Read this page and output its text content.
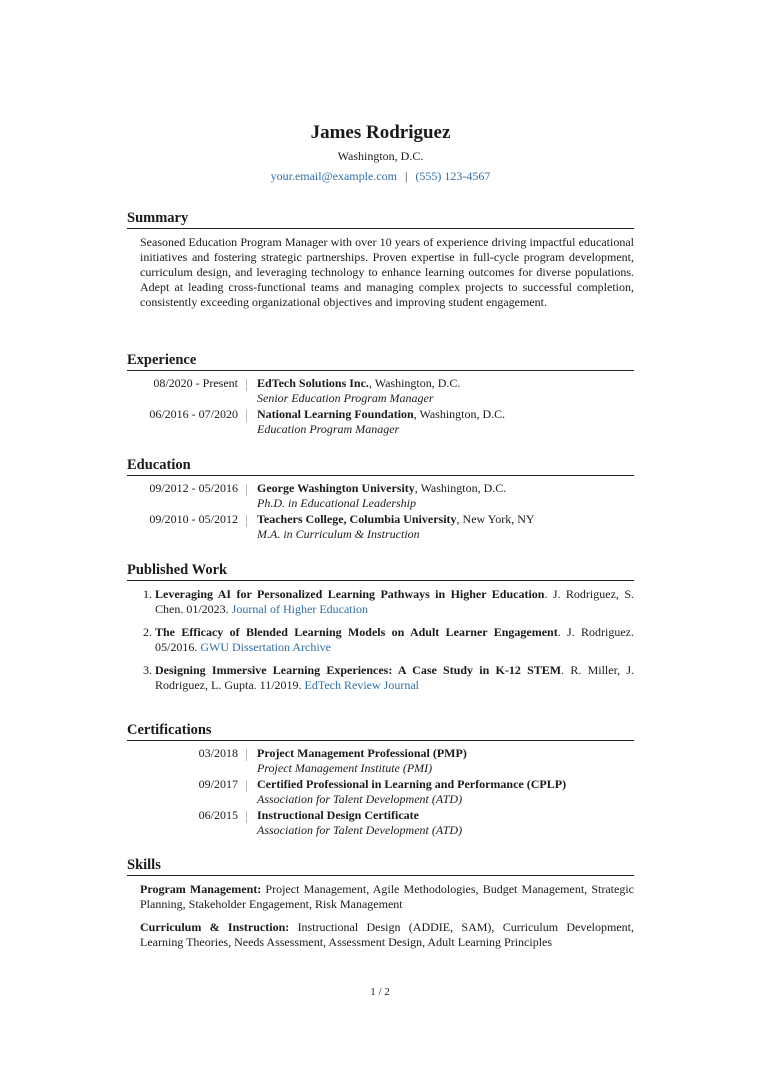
James Rodriguez
Washington, D.C.
your.email@example.com | (555) 123-4567
Summary
Seasoned Education Program Manager with over 10 years of experience driving impactful educational initiatives and fostering strategic partnerships. Proven expertise in full-cycle program development, curriculum design, and leveraging technology to enhance learning outcomes for diverse populations. Adept at leading cross-functional teams and managing complex projects to successful completion, consistently exceeding organizational objectives and improving student engagement.
Experience
08/2020 - Present	EdTech Solutions Inc., Washington, D.C.
Senior Education Program Manager
06/2016 - 07/2020	National Learning Foundation, Washington, D.C.
Education Program Manager
Education
09/2012 - 05/2016	George Washington University, Washington, D.C.
Ph.D. in Educational Leadership
09/2010 - 05/2012	Teachers College, Columbia University, New York, NY
M.A. in Curriculum & Instruction
Published Work
1. Leveraging AI for Personalized Learning Pathways in Higher Education. J. Rodriguez, S. Chen. 01/2023. Journal of Higher Education
2. The Efficacy of Blended Learning Models on Adult Learner Engagement. J. Rodriguez. 05/2016. GWU Dissertation Archive
3. Designing Immersive Learning Experiences: A Case Study in K-12 STEM. R. Miller, J. Rodriguez, L. Gupta. 11/2019. EdTech Review Journal
Certifications
03/2018	Project Management Professional (PMP)
Project Management Institute (PMI)
09/2017	Certified Professional in Learning and Performance (CPLP)
Association for Talent Development (ATD)
06/2015	Instructional Design Certificate
Association for Talent Development (ATD)
Skills
Program Management: Project Management, Agile Methodologies, Budget Management, Strategic Planning, Stakeholder Engagement, Risk Management
Curriculum & Instruction: Instructional Design (ADDIE, SAM), Curriculum Development, Learning Theories, Needs Assessment, Assessment Design, Adult Learning Principles
1 / 2
